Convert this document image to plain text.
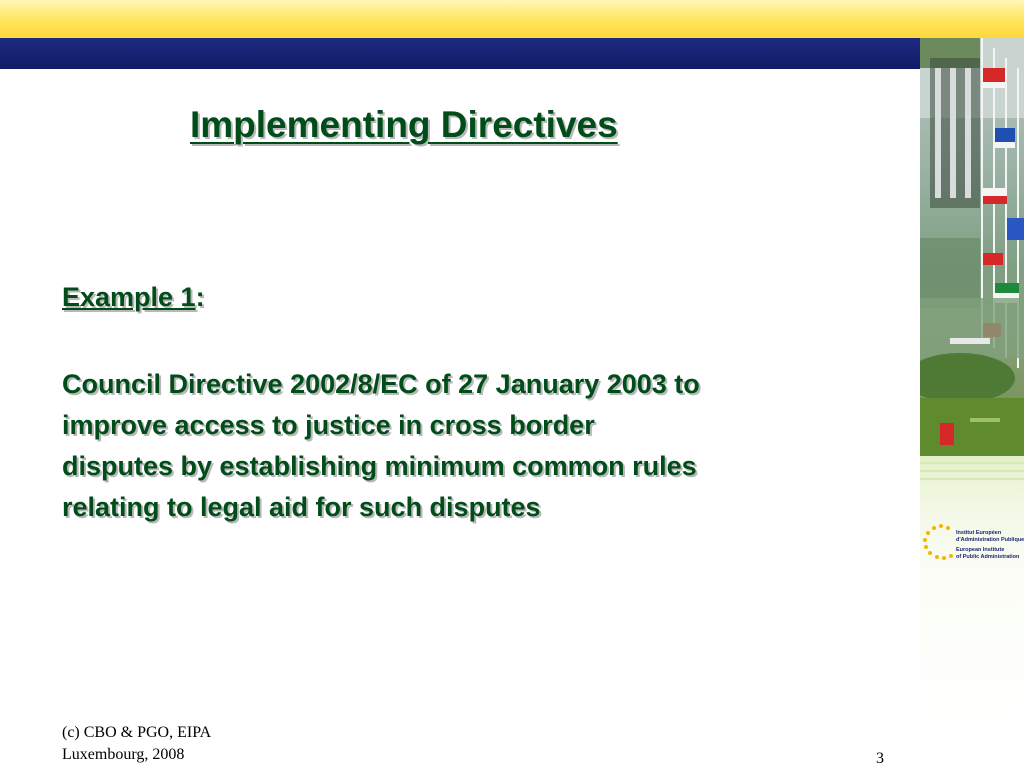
Implementing Directives
Example 1:
Council Directive 2002/8/EC of 27 January 2003 to
improve access to justice in cross border
disputes by establishing minimum common rules
relating to legal aid for such disputes
(c) CBO & PGO, EIPA
Luxembourg, 2008	3
Institut Européen
d'Administration Publique
European Institute
of Public Administration
